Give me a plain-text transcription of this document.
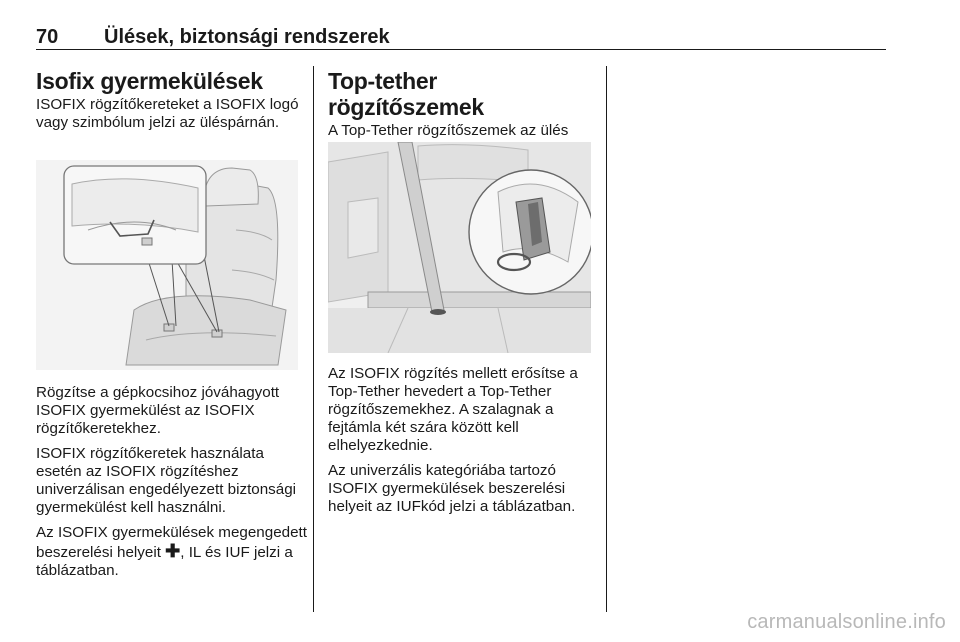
70 Ülések, biztonsági rendszerek
Isofix gyermekülések

ISOFIX rögzítőkereteket a ISOFIX logó vagy szimbólum jelzi az üléspárnán.

Rögzítse a gépkocsihoz jóváhagyott ISOFIX gyermekülést az ISOFIX rögzítőkeretekhez.

ISOFIX rögzítőkeretek használata esetén az ISOFIX rögzítéshez univerzálisan engedélyezett biztonsági gyermekülést kell használni.

Az ISOFIX gyermekülések megengedett beszerelési helyeit ✚, IL és IUF jelzi a táblázatban.

Top-tether rögzítőszemek

A Top-Tether rögzítőszemek az ülés

Az ISOFIX rögzítés mellett erősítse a Top-Tether hevedert a Top-Tether rögzítőszemekhez. A szalagnak a fejtámla két szára között kell elhelyezkednie.

Az univerzális kategóriába tartozó ISOFIX gyermekülések beszerelési helyeit az IUFkód jelzi a táblázatban.

carmanualsonline.info
